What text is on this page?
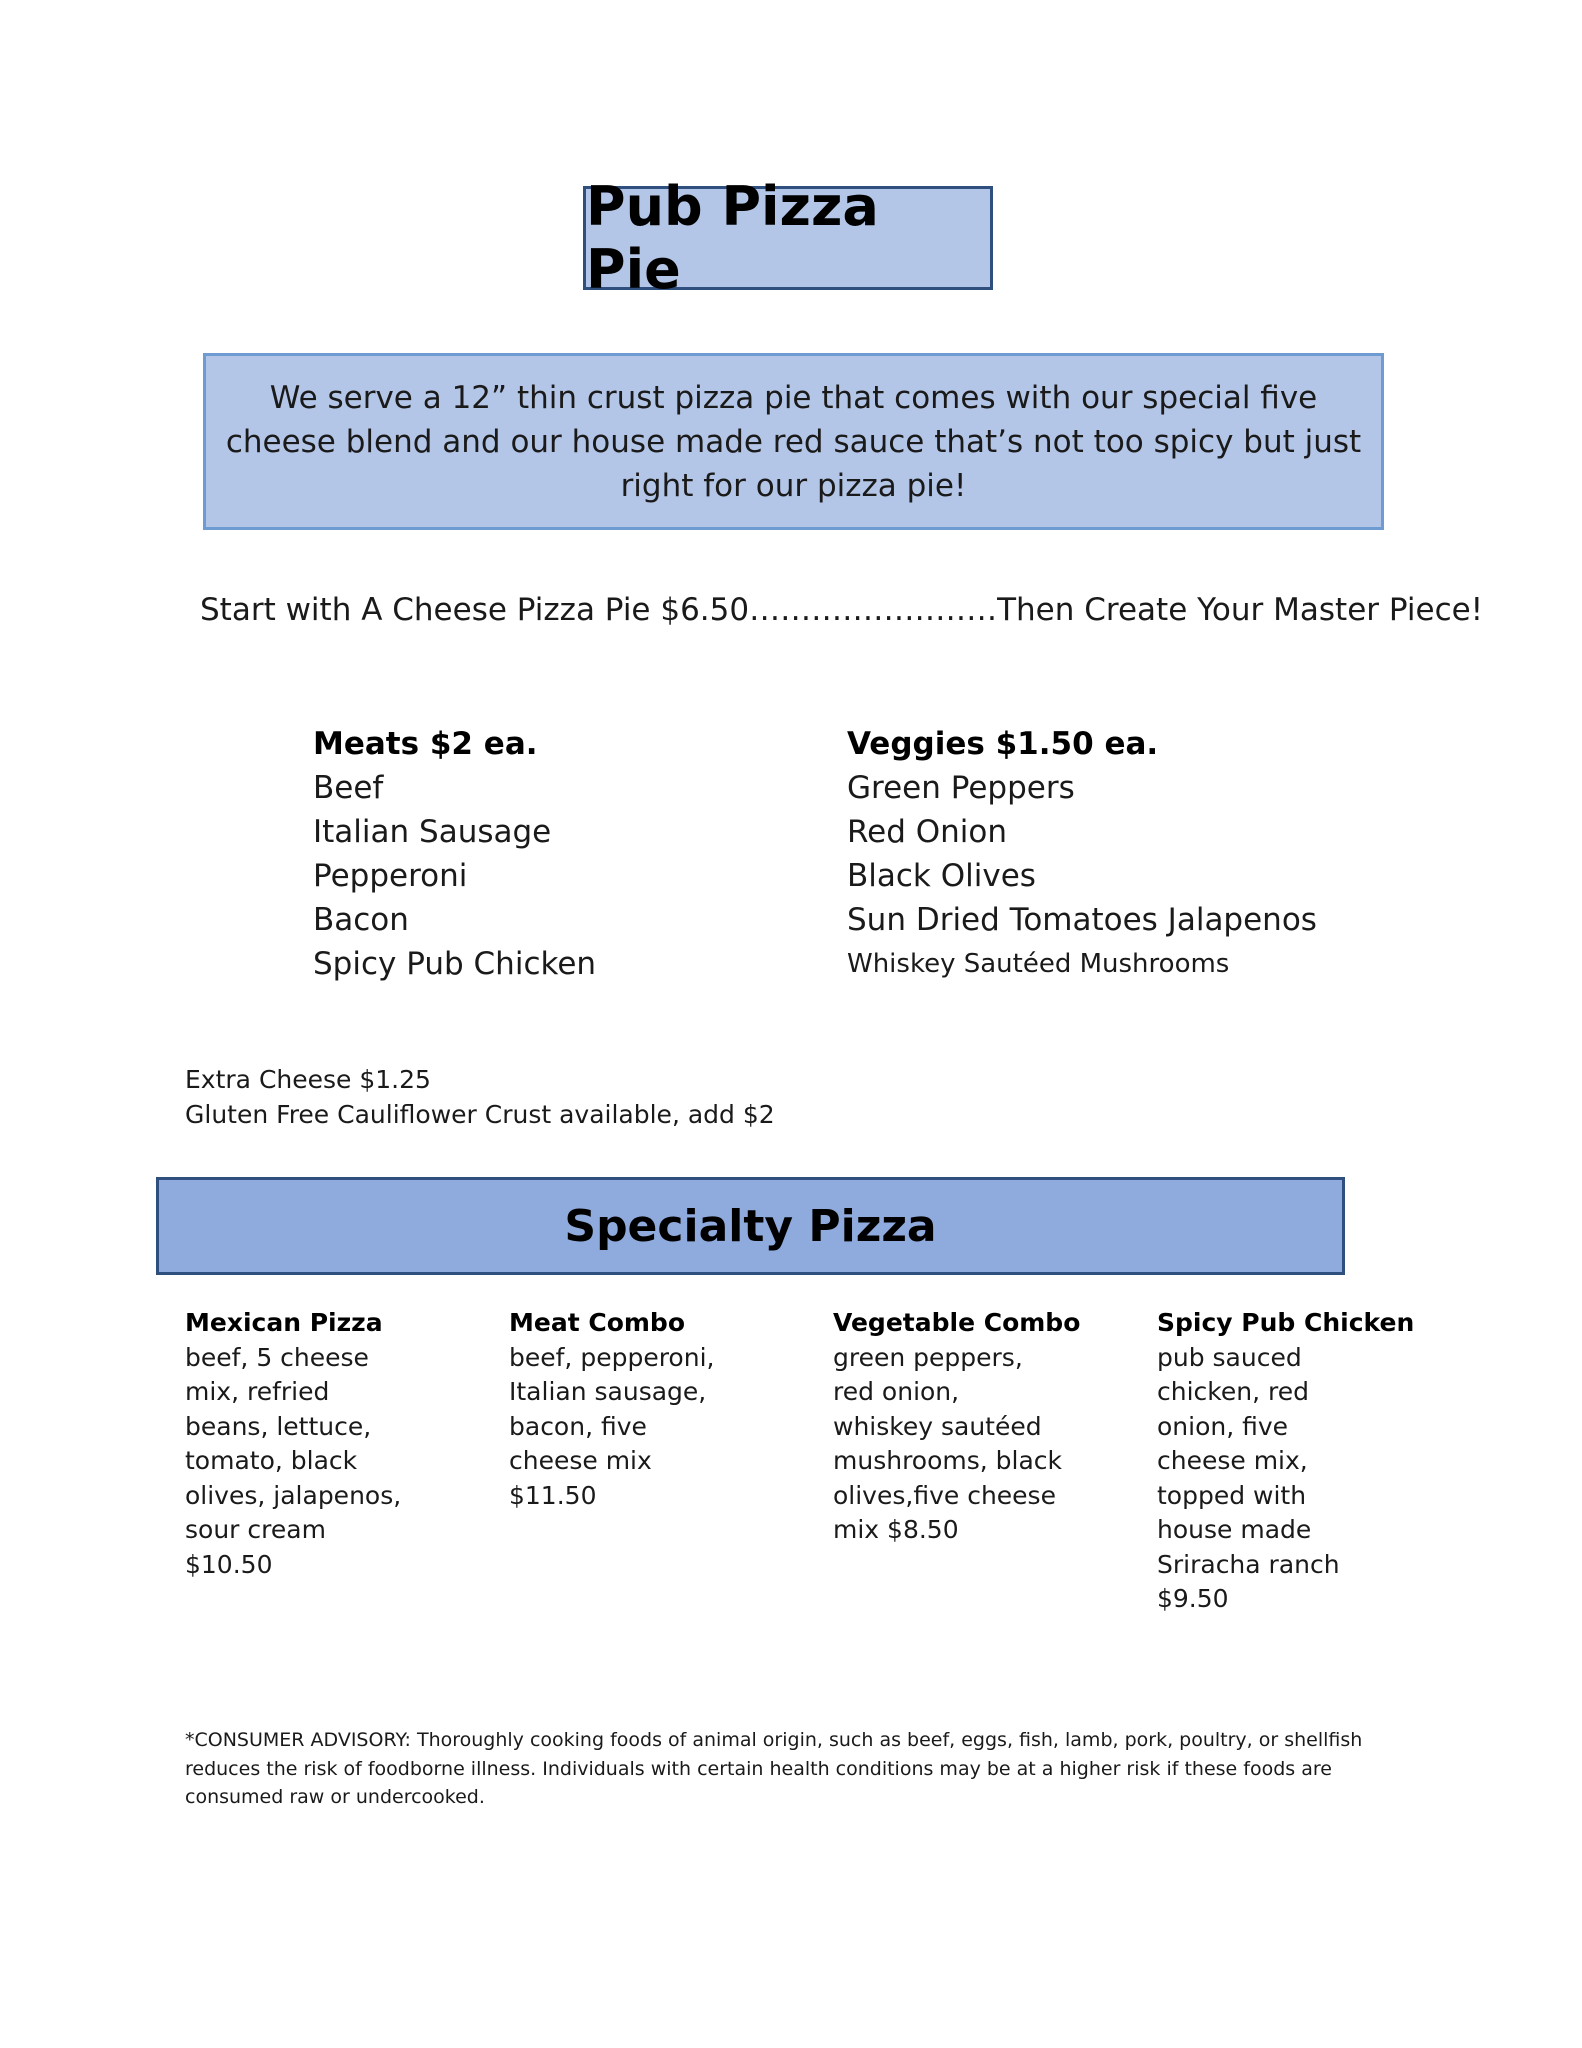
Pub Pizza Pie
We serve a 12” thin crust pizza pie that comes with our special five cheese blend and our house made red sauce that’s not too spicy but just right for our pizza pie!
Start with A Cheese Pizza Pie $6.50……………………Then Create Your Master Piece!
Meats $2 ea.
Beef
Italian Sausage
Pepperoni
Bacon
Spicy Pub Chicken
Veggies $1.50 ea.
Green Peppers
Red Onion
Black Olives
Sun Dried Tomatoes Jalapenos
Whiskey Sautéed Mushrooms
Extra Cheese $1.25
Gluten Free Cauliflower Crust available, add $2
Specialty Pizza
Mexican Pizza
beef, 5 cheese mix, refried beans, lettuce, tomato, black olives, jalapenos, sour cream $10.50
Meat Combo
beef, pepperoni, Italian sausage, bacon, five cheese mix $11.50
Vegetable Combo
green peppers, red onion, whiskey sautéed mushrooms, black olives,five cheese mix $8.50
Spicy Pub Chicken
pub sauced chicken, red onion, five cheese mix, topped with house made Sriracha ranch $9.50
*CONSUMER ADVISORY: Thoroughly cooking foods of animal origin, such as beef, eggs, fish, lamb, pork, poultry, or shellfish reduces the risk of foodborne illness. Individuals with certain health conditions may be at a higher risk if these foods are consumed raw or undercooked.
